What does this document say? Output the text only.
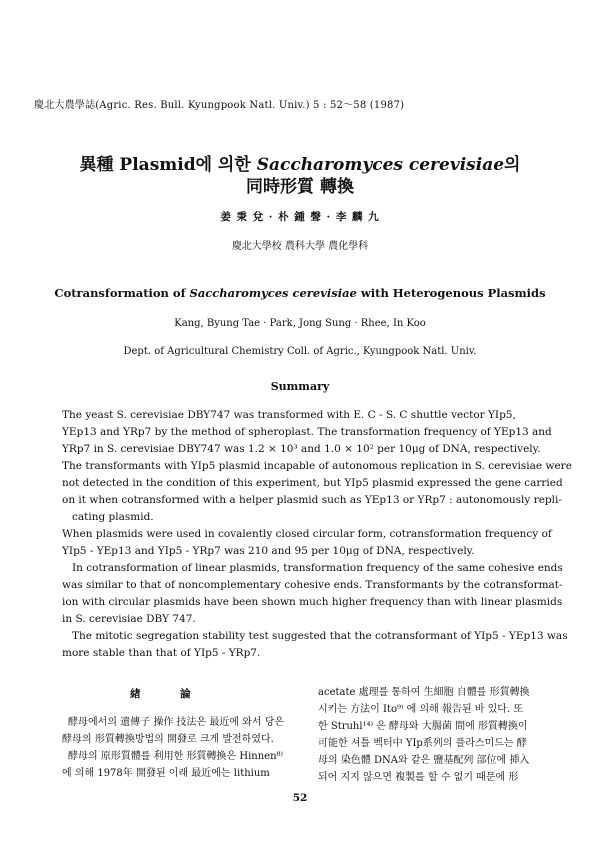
慶北大農學誌(Agric. Res. Bull. Kyungpook Natl. Univ.) 5 : 52〜58 (1987)
異種 Plasmid에 의한 Saccharomyces cerevisiae의
同時形質 轉換
姜 秉 兌 · 朴 鍾 聲 · 李 麟 九
慶北大學校 農科大學 農化學科
Cotransformation of Saccharomyces cerevisiae with Heterogenous Plasmids
Kang, Byung Tae · Park, Jong Sung · Rhee, In Koo
Dept. of Agricultural Chemistry Coll. of Agric., Kyungpook Natl. Univ.
Summary
The yeast S. cerevisiae DBY747 was transformed with E. C - S. C shuttle vector YIp5,
YEp13 and YRp7 by the method of spheroplast. The transformation frequency of YEp13 and
YRp7 in S. cerevisiae DBY747 was 1.2 × 10³ and 1.0 × 10² per 10μg of DNA, respectively.
The transformants with YIp5 plasmid incapable of autonomous replication in S. cerevisiae were
not detected in the condition of this experiment, but YIp5 plasmid expressed the gene carried
on it when cotransformed with a helper plasmid such as YEp13 or YRp7 : autonomously repli-
cating plasmid.
When plasmids were used in covalently closed circular form, cotransformation frequency of
YIp5 - YEp13 and YIp5 - YRp7 was 210 and 95 per 10μg of DNA, respectively.
In cotransformation of linear plasmids, transformation frequency of the same cohesive ends
was similar to that of noncomplementary cohesive ends. Transformants by the cotransformat-
ion with circular plasmids have been shown much higher frequency than with linear plasmids
in S. cerevisiae DBY 747.
The mitotic segregation stability test suggested that the cotransformant of YIp5 - YEp13 was
more stable than that of YIp5 - YRp7.
緖 論
酵母에서의 遺傳子 操作 技法은 最近에 와서 당은
酵母의 形質轉換방법의 開發로 크게 발전하였다.
酵母의 原形質體를 利用한 形質轉換은 Hinnen⁸⁾
에 의해 1978年 開發된 이래 最近에는 lithium
acetate 處理를 통하여 生細胞 自體를 形質轉換
시키는 方法이 Ito⁹⁾ 에 의해 報告된 바 있다. 또
한 Struhl¹⁴⁾ 은 酵母와 大腸菌 間에 形質轉換이
可能한 셔틀 벡터中 YIp系列의 플라스미드는 酵
母의 染色體 DNA와 같은 鹽基配列 部位에 挿入
되어 지지 않으면 複製를 할 수 없기 때문에 形
52
